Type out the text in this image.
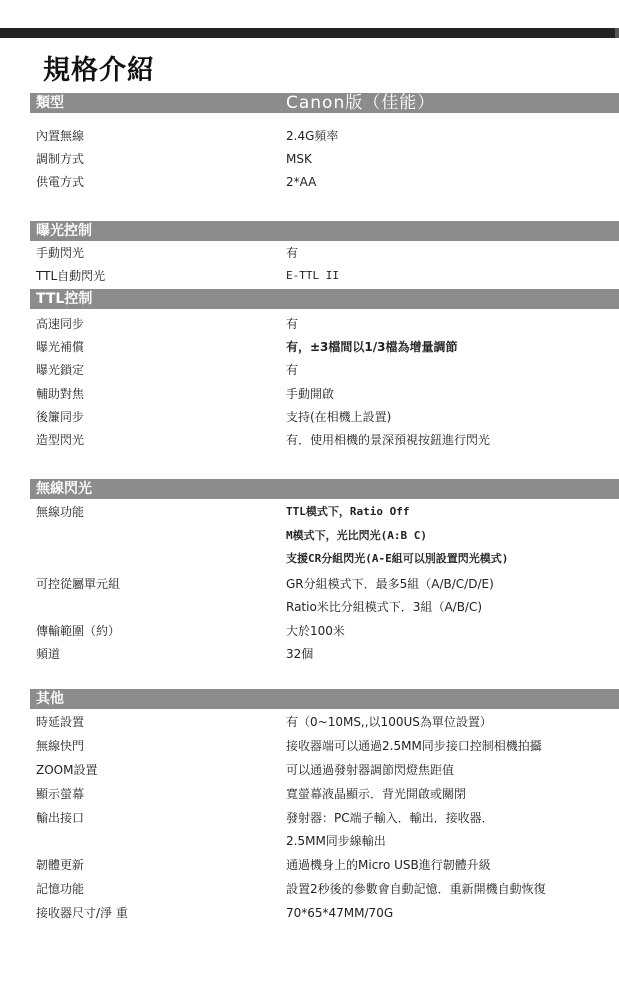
規格介紹
類型	Canon版（佳能）
內置無線	2.4G頻率
調制方式	MSK
供電方式	2*AA
曝光控制
手動閃光	有
TTL自動閃光	E-TTL II
TTL控制
高速同步	有
曝光補償	有，±3檔間以1/3檔為增量調節
曝光鎖定	有
輔助對焦	手動開啟
後簾同步	支持(在相機上設置)
造型閃光	有．使用相機的景深預視按鈕進行閃光
無線閃光
無線功能	TTL模式下，Ratio Off
M模式下，光比閃光(A:B C)
支援CR分組閃光(A-E組可以別設置閃光模式)
可控從屬單元組	GR分組模式下．最多5組（A/B/C/D/E)
Ratio米比分組模式下．3組（A/B/C)
傳輸範圍（約）	大於100米
頻道	32個
其他
時延設置	有（0~10MS,,以100US為單位設置）
無線快門	接收器端可以通過2.5MM同步接口控制相機拍攝
ZOOM設置	可以通過發射器調節閃燈焦距值
顯示螢幕	寬螢幕液晶顯示．背光開啟或關閉
輸出接口	發射器：PC端子輸入．輸出．接收器．
2.5MM同步線輸出
韌體更新	通過機身上的Micro USB進行韌體升級
記憶功能	設置2秒後的參數會自動記憶．重新開機自動恢復
接收器尺寸/淨 重	70*65*47MM/70G
